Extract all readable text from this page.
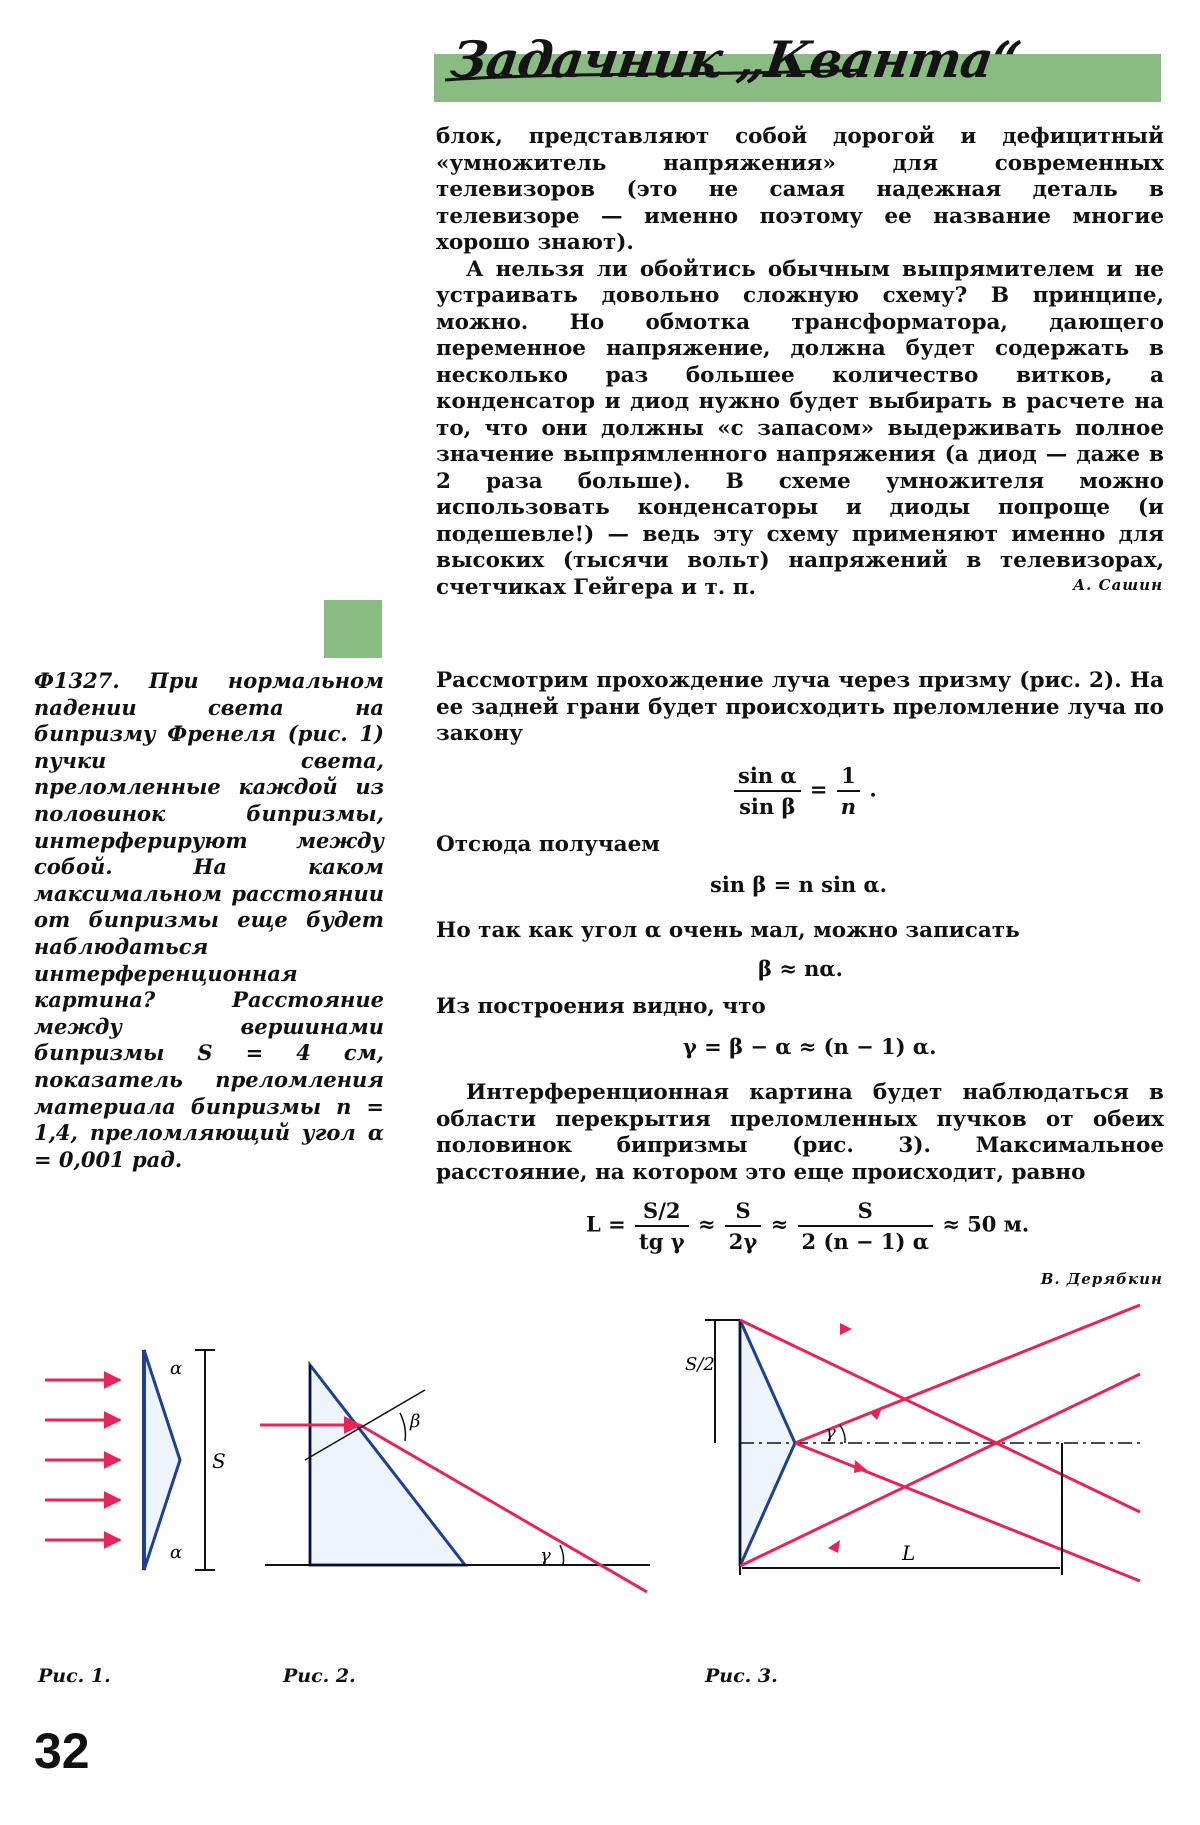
Задачник „Кванта“

блок, представляют собой дорогой и дефицитный «умножитель напряжения» для современных телевизоров (это не самая надежная деталь в телевизоре — именно поэтому ее название многие хорошо знают).

А нельзя ли обойтись обычным выпрямителем и не устраивать довольно сложную схему? В принципе, можно. Но обмотка трансформатора, дающего переменное напряжение, должна будет содержать в несколько раз большее количество витков, а конденсатор и диод нужно будет выбирать в расчете на то, что они должны «с запасом» выдерживать полное значение выпрямленного напряжения (а диод — даже в 2 раза больше). В схеме умножителя можно использовать конденсаторы и диоды попроще (и подешевле!) — ведь эту схему применяют именно для высоких (тысячи вольт) напряжений в телевизорах, счетчиках Гейгера и т. п.	А. Сашин
Ф1327. При нормальном падении света на бипризму Френеля (рис. 1) пучки света, преломленные каждой из половинок бипризмы, интерферируют между собой. На каком максимальном расстоянии от бипризмы еще будет наблюдаться интерференционная картина? Расстояние между вершинами бипризмы S = 4 см, показатель преломления материала бипризмы n = 1,4, преломляющий угол α = 0,001 рад.

Рассмотрим прохождение луча через призму (рис. 2). На ее задней грани будет происходить преломление луча по закону

$\frac{\text{sin α}}{\text{sin β}} = \frac{1}{n}$ .

Отсюда получаем

sin β = n sin α.

Но так как угол α очень мал, можно записать

β ≈ nα.

Из построения видно, что

γ = β − α ≈ (n − 1) α.

Интерференционная картина будет наблюдаться в области перекрытия преломленных пучков от обеих половинок бипризмы (рис. 3). Максимальное расстояние, на котором это еще происходит, равно

$L = \frac{S/2}{\text{tg γ}} \approx \frac{S}{2\gamma} \approx \frac{S}{2 (n - 1) \alpha} \approx 50$ м.
В. Дерябкин
α
α
S
β
γ
S/2
γ
L
Рис. 1.	Рис. 2.	Рис. 3.
32
